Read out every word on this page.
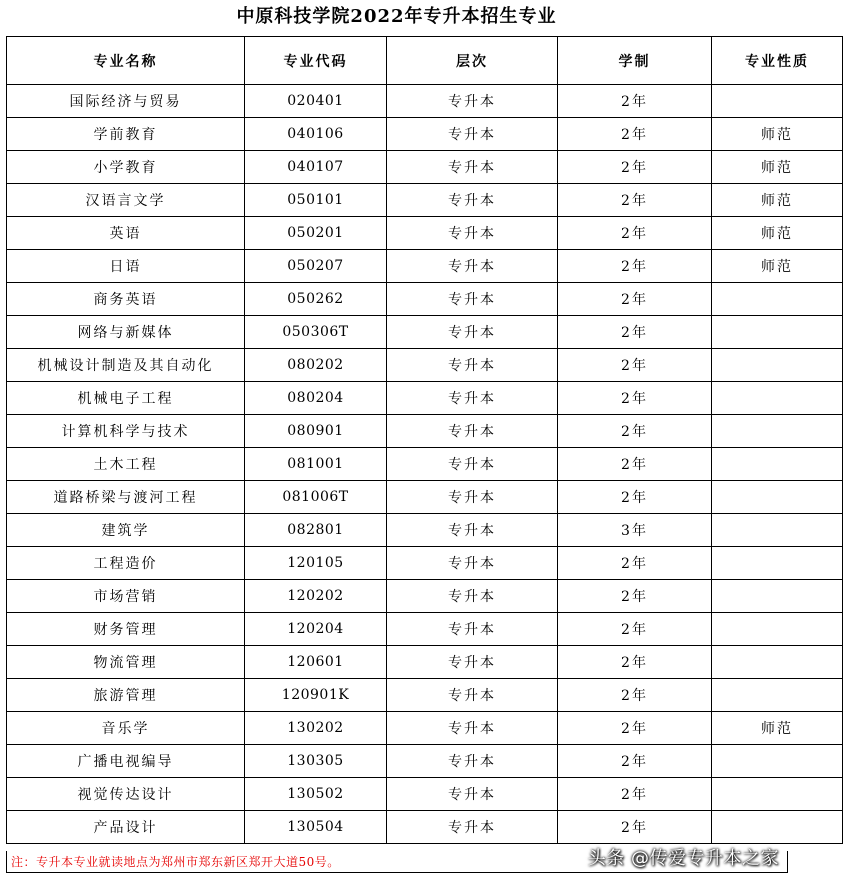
中原科技学院2022年专升本招生专业
专业名称	专业代码	层次	学制	专业性质
国际经济与贸易	020401	专升本	2年	
学前教育	040106	专升本	2年	师范
小学教育	040107	专升本	2年	师范
汉语言文学	050101	专升本	2年	师范
英语	050201	专升本	2年	师范
日语	050207	专升本	2年	师范
商务英语	050262	专升本	2年	
网络与新媒体	050306T	专升本	2年	
机械设计制造及其自动化	080202	专升本	2年	
机械电子工程	080204	专升本	2年	
计算机科学与技术	080901	专升本	2年	
土木工程	081001	专升本	2年	
道路桥梁与渡河工程	081006T	专升本	2年	
建筑学	082801	专升本	3年	
工程造价	120105	专升本	2年	
市场营销	120202	专升本	2年	
财务管理	120204	专升本	2年	
物流管理	120601	专升本	2年	
旅游管理	120901K	专升本	2年	
音乐学	130202	专升本	2年	师范
广播电视编导	130305	专升本	2年	
视觉传达设计	130502	专升本	2年	
产品设计	130504	专升本	2年	
注：专升本专业就读地点为郑州市郑东新区郑开大道50号。	头条 @传爱专升本之家
